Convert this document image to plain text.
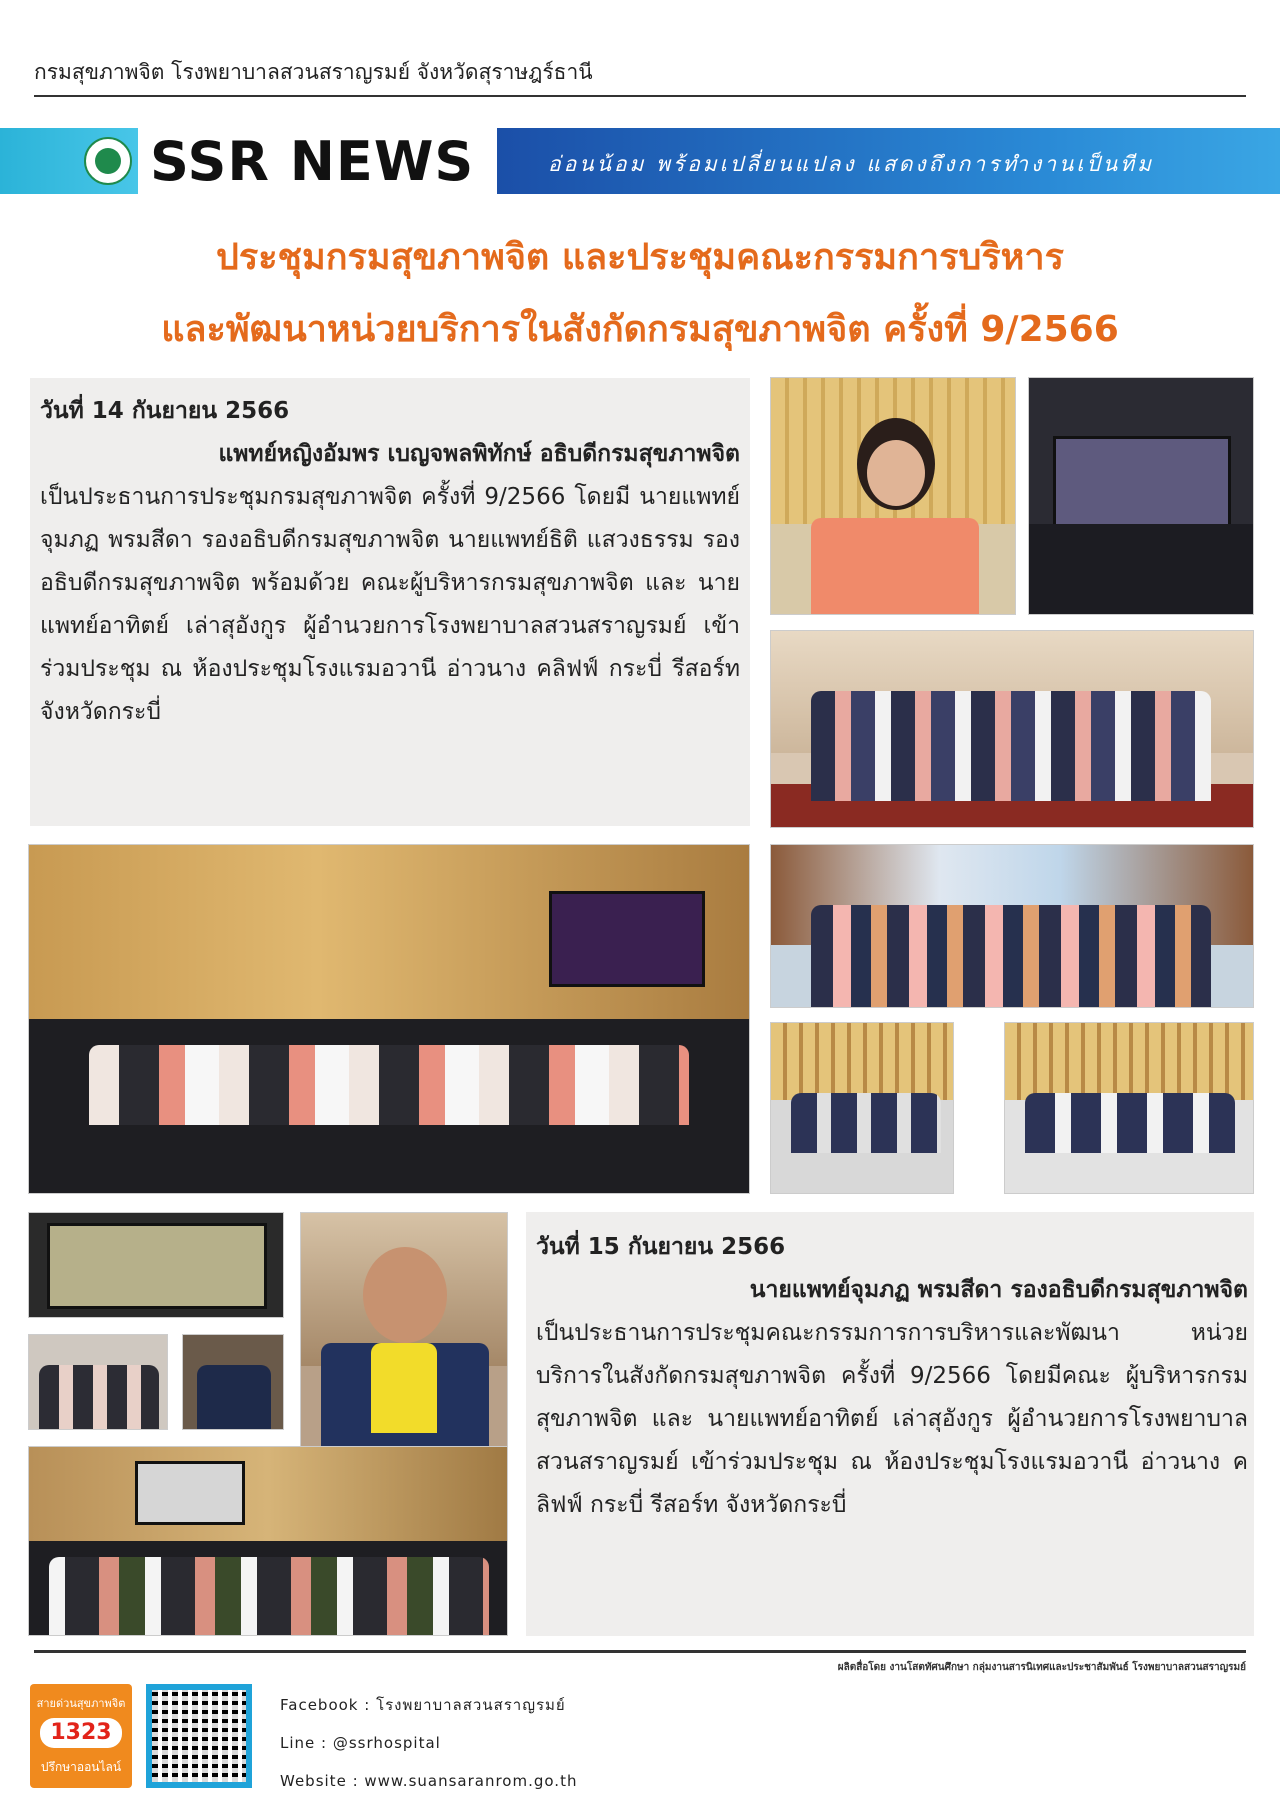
กรมสุขภาพจิต โรงพยาบาลสวนสราญรมย์ จังหวัดสุราษฎร์ธานี
SSR NEWS	อ่อนน้อม พร้อมเปลี่ยนแปลง แสดงถึงการทำงานเป็นทีม
ประชุมกรมสุขภาพจิต และประชุมคณะกรรมการบริหาร
และพัฒนาหน่วยบริการในสังกัดกรมสุขภาพจิต ครั้งที่ 9/2566
วันที่ 14 กันยายน 2566
แพทย์หญิงอัมพร เบญจพลพิทักษ์ อธิบดีกรมสุขภาพจิต
เป็นประธานการประชุมกรมสุขภาพจิต ครั้งที่ 9/2566 โดยมี นายแพทย์จุมภฏ พรมสีดา รองอธิบดีกรมสุขภาพจิต นายแพทย์ธิติ แสวงธรรม รองอธิบดีกรมสุขภาพจิต พร้อมด้วย คณะผู้บริหารกรมสุขภาพจิต และ นายแพทย์อาทิตย์ เล่าสุอังกูร ผู้อำนวยการโรงพยาบาลสวนสราญรมย์ เข้าร่วมประชุม ณ ห้องประชุมโรงแรมอวานี อ่าวนาง คลิฟฟ์ กระบี่ รีสอร์ท จังหวัดกระบี่
วันที่ 15 กันยายน 2566
นายแพทย์จุมภฏ พรมสีดา รองอธิบดีกรมสุขภาพจิต
เป็นประธานการประชุมคณะกรรมการการบริหารและพัฒนา หน่วยบริการในสังกัดกรมสุขภาพจิต ครั้งที่ 9/2566 โดยมีคณะ ผู้บริหารกรมสุขภาพจิต และ นายแพทย์อาทิตย์ เล่าสุอังกูร ผู้อำนวยการโรงพยาบาลสวนสราญรมย์ เข้าร่วมประชุม ณ ห้องประชุมโรงแรมอวานี อ่าวนาง คลิฟฟ์ กระบี่ รีสอร์ท จังหวัดกระบี่
ผลิตสื่อโดย งานโสตทัศนศึกษา กลุ่มงานสารนิเทศและประชาสัมพันธ์ โรงพยาบาลสวนสราญรมย์
สายด่วนสุขภาพจิต
1323
ปรึกษาออนไลน์
Facebook : โรงพยาบาลสวนสราญรมย์
Line : @ssrhospital
Website : www.suansaranrom.go.th
